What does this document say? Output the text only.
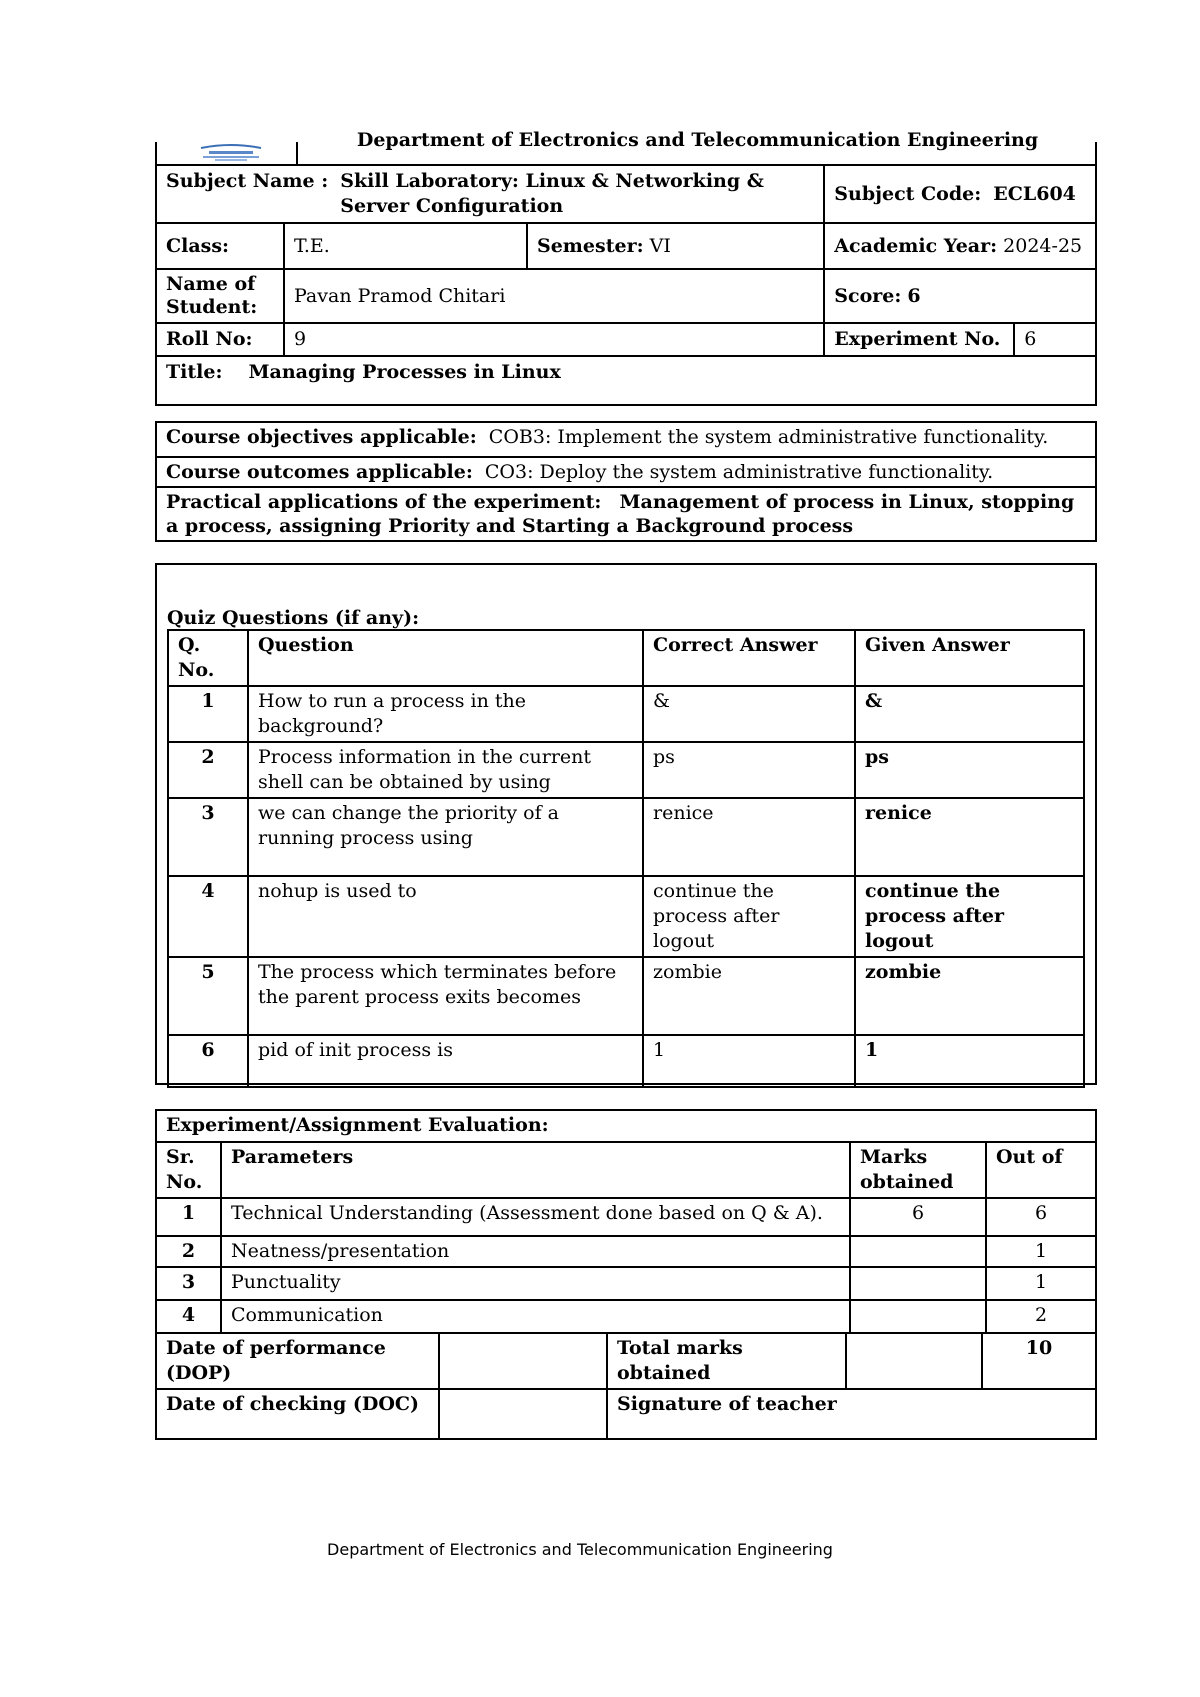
Department of Electronics and Telecommunication Engineering
Subject Name : Skill Laboratory: Linux & Networking & Server Configuration			Subject Code: ECL604	
Class:	T.E.	Semester: VI	Academic Year: 2024-25	
Name of Student:	Pavan Pramod Chitari		Score: 6	
Roll No:	9		Experiment No.	6
Title: Managing Processes in Linux				
Course objectives applicable: COB3: Implement the system administrative functionality.
Course outcomes applicable: CO3: Deploy the system administrative functionality.
Practical applications of the experiment: Management of process in Linux, stopping a process, assigning Priority and Starting a Background process
Quiz Questions (if any):
Q. No.	Question	Correct Answer	Given Answer
1	How to run a process in the background?	&	&
2	Process information in the current shell can be obtained by using	ps	ps
3	we can change the priority of a running process using	renice	renice
4	nohup is used to	continue the process after logout	continue the process after logout
5	The process which terminates before the parent process exits becomes	zombie	zombie
6	pid of init process is	1	1
Experiment/Assignment Evaluation:			
Sr. No.	Parameters	Marks obtained	Out of
1	Technical Understanding (Assessment done based on Q & A).	6	6
2	Neatness/presentation		1
3	Punctuality		1
4	Communication		2
Date of performance (DOP)		Total marks obtained		10
Date of checking (DOC)		Signature of teacher		
Department of Electronics and Telecommunication Engineering
